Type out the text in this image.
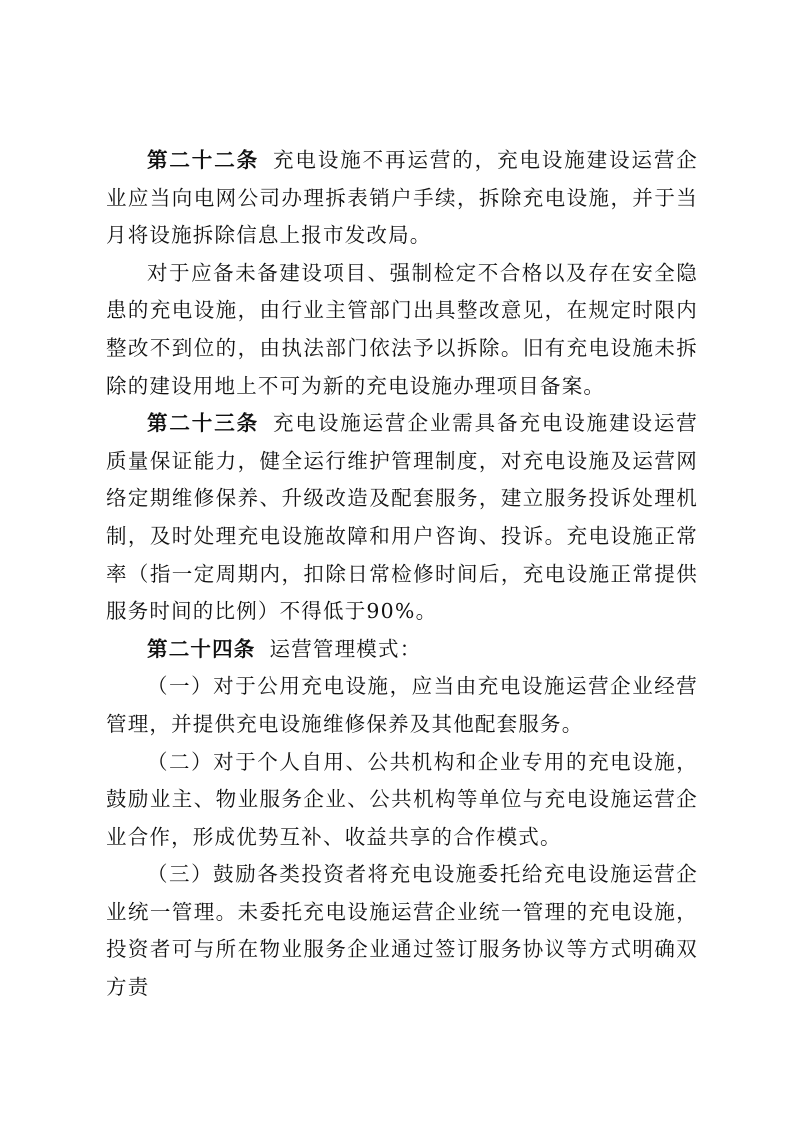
第二十二条 充电设施不再运营的，充电设施建设运营企业应当向电网公司办理拆表销户手续，拆除充电设施，并于当月将设施拆除信息上报市发改局。

对于应备未备建设项目、强制检定不合格以及存在安全隐患的充电设施，由行业主管部门出具整改意见，在规定时限内整改不到位的，由执法部门依法予以拆除。旧有充电设施未拆除的建设用地上不可为新的充电设施办理项目备案。

第二十三条 充电设施运营企业需具备充电设施建设运营质量保证能力，健全运行维护管理制度，对充电设施及运营网络定期维修保养、升级改造及配套服务，建立服务投诉处理机制，及时处理充电设施故障和用户咨询、投诉。充电设施正常率（指一定周期内，扣除日常检修时间后，充电设施正常提供服务时间的比例）不得低于90%。

第二十四条 运营管理模式：

（一）对于公用充电设施，应当由充电设施运营企业经营管理，并提供充电设施维修保养及其他配套服务。

（二）对于个人自用、公共机构和企业专用的充电设施，鼓励业主、物业服务企业、公共机构等单位与充电设施运营企业合作，形成优势互补、收益共享的合作模式。

（三）鼓励各类投资者将充电设施委托给充电设施运营企业统一管理。未委托充电设施运营企业统一管理的充电设施，投资者可与所在物业服务企业通过签订服务协议等方式明确双方责
